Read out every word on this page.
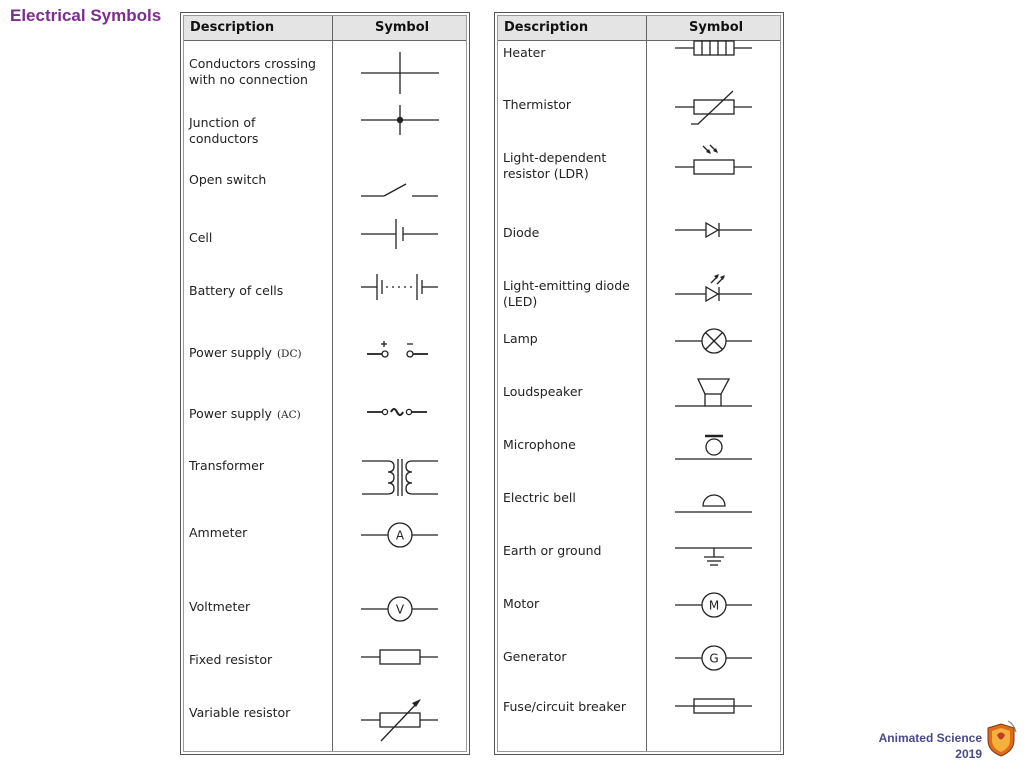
Electrical Symbols
Description	Symbol
Conductors crossing
with no connection
Junction of
conductors
Open switch
Cell
Battery of cells
Power supply (DC)
Power supply (AC)
Transformer
Ammeter	A
Voltmeter	V
Fixed resistor
Variable resistor
Description	Symbol
Heater
Thermistor
Light-dependent
resistor (LDR)
Diode
Light-emitting diode
(LED)
Lamp
Loudspeaker
Microphone
Electric bell
Earth or ground
Motor	M
Generator	G
Fuse/circuit breaker
Animated Science
2019
